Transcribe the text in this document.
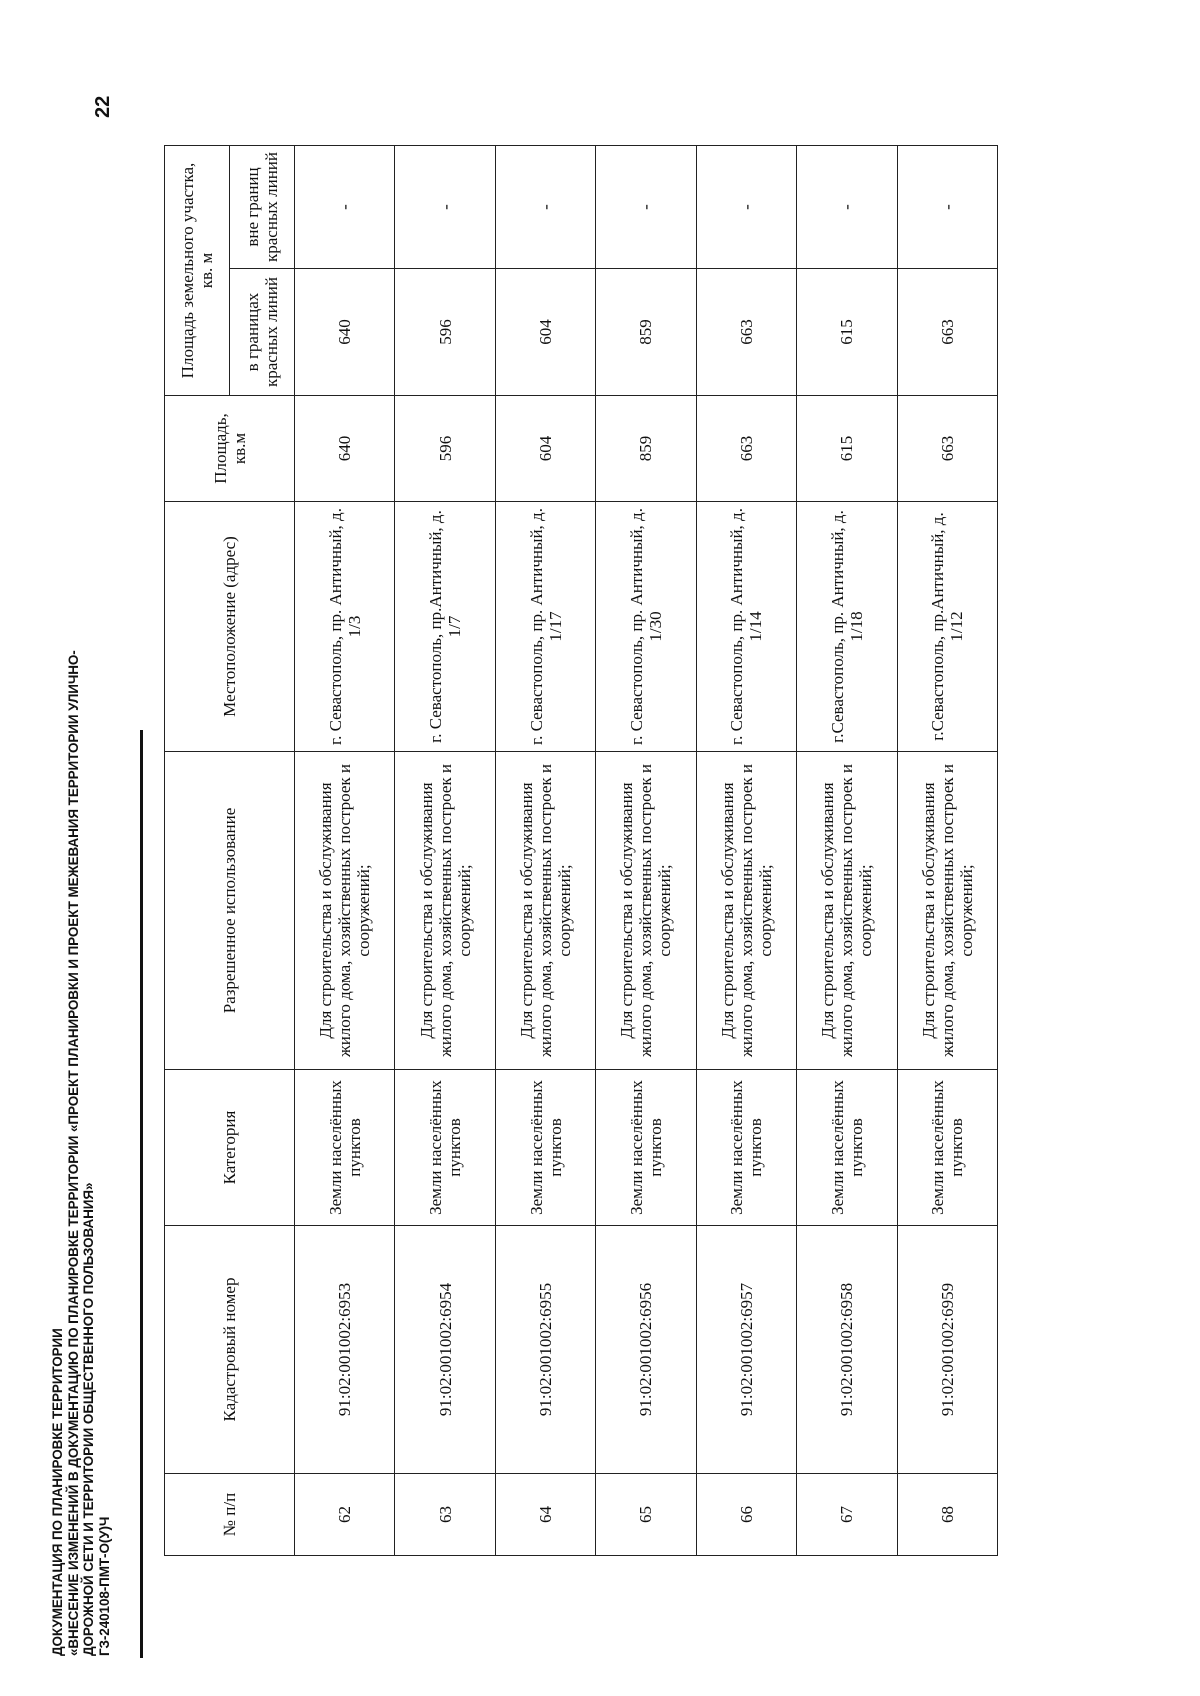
ДОКУМЕНТАЦИЯ ПО ПЛАНИРОВКЕ ТЕРРИТОРИИ «ВНЕСЕНИЕ ИЗМЕНЕНИЙ В ДОКУМЕНТАЦИЮ ПО ПЛАНИРОВКЕ ТЕРРИТОРИИ «ПРОЕКТ ПЛАНИРОВКИ И ПРОЕКТ МЕЖЕВАНИЯ ТЕРРИТОРИИ УЛИЧНО- ДОРОЖНОЙ СЕТИ И ТЕРРИТОРИИ ОБЩЕСТВЕННОГО ПОЛЬЗОВАНИЯ» ГЗ-240108-ПМТ-О(У)Ч
22
№ п/п	Кадастровый номер	Категория	Разрешенное использование	Местоположение (адрес)	Площадь, кв.м	Площадь земельного участка, кв. м	
						в границах красных линий	вне границ красных линий
62	91:02:001002:6953	Земли населённых пунктов	Для строительства и обслуживания жилого дома, хозяйственных построек и сооружений;	г. Севастополь, пр. Античный, д. 1/3	640	640	-
63	91:02:001002:6954	Земли населённых пунктов	Для строительства и обслуживания жилого дома, хозяйственных построек и сооружений;	г. Севастополь, пр.Античный, д. 1/7	596	596	-
64	91:02:001002:6955	Земли населённых пунктов	Для строительства и обслуживания жилого дома, хозяйственных построек и сооружений;	г. Севастополь, пр. Античный, д. 1/17	604	604	-
65	91:02:001002:6956	Земли населённых пунктов	Для строительства и обслуживания жилого дома, хозяйственных построек и сооружений;	г. Севастополь, пр. Античный, д. 1/30	859	859	-
66	91:02:001002:6957	Земли населённых пунктов	Для строительства и обслуживания жилого дома, хозяйственных построек и сооружений;	г. Севастополь, пр. Античный, д. 1/14	663	663	-
67	91:02:001002:6958	Земли населённых пунктов	Для строительства и обслуживания жилого дома, хозяйственных построек и сооружений;	г.Севастополь, пр. Античный, д. 1/18	615	615	-
68	91:02:001002:6959	Земли населённых пунктов	Для строительства и обслуживания жилого дома, хозяйственных построек и сооружений;	г.Севастополь, пр.Античный, д. 1/12	663	663	-
